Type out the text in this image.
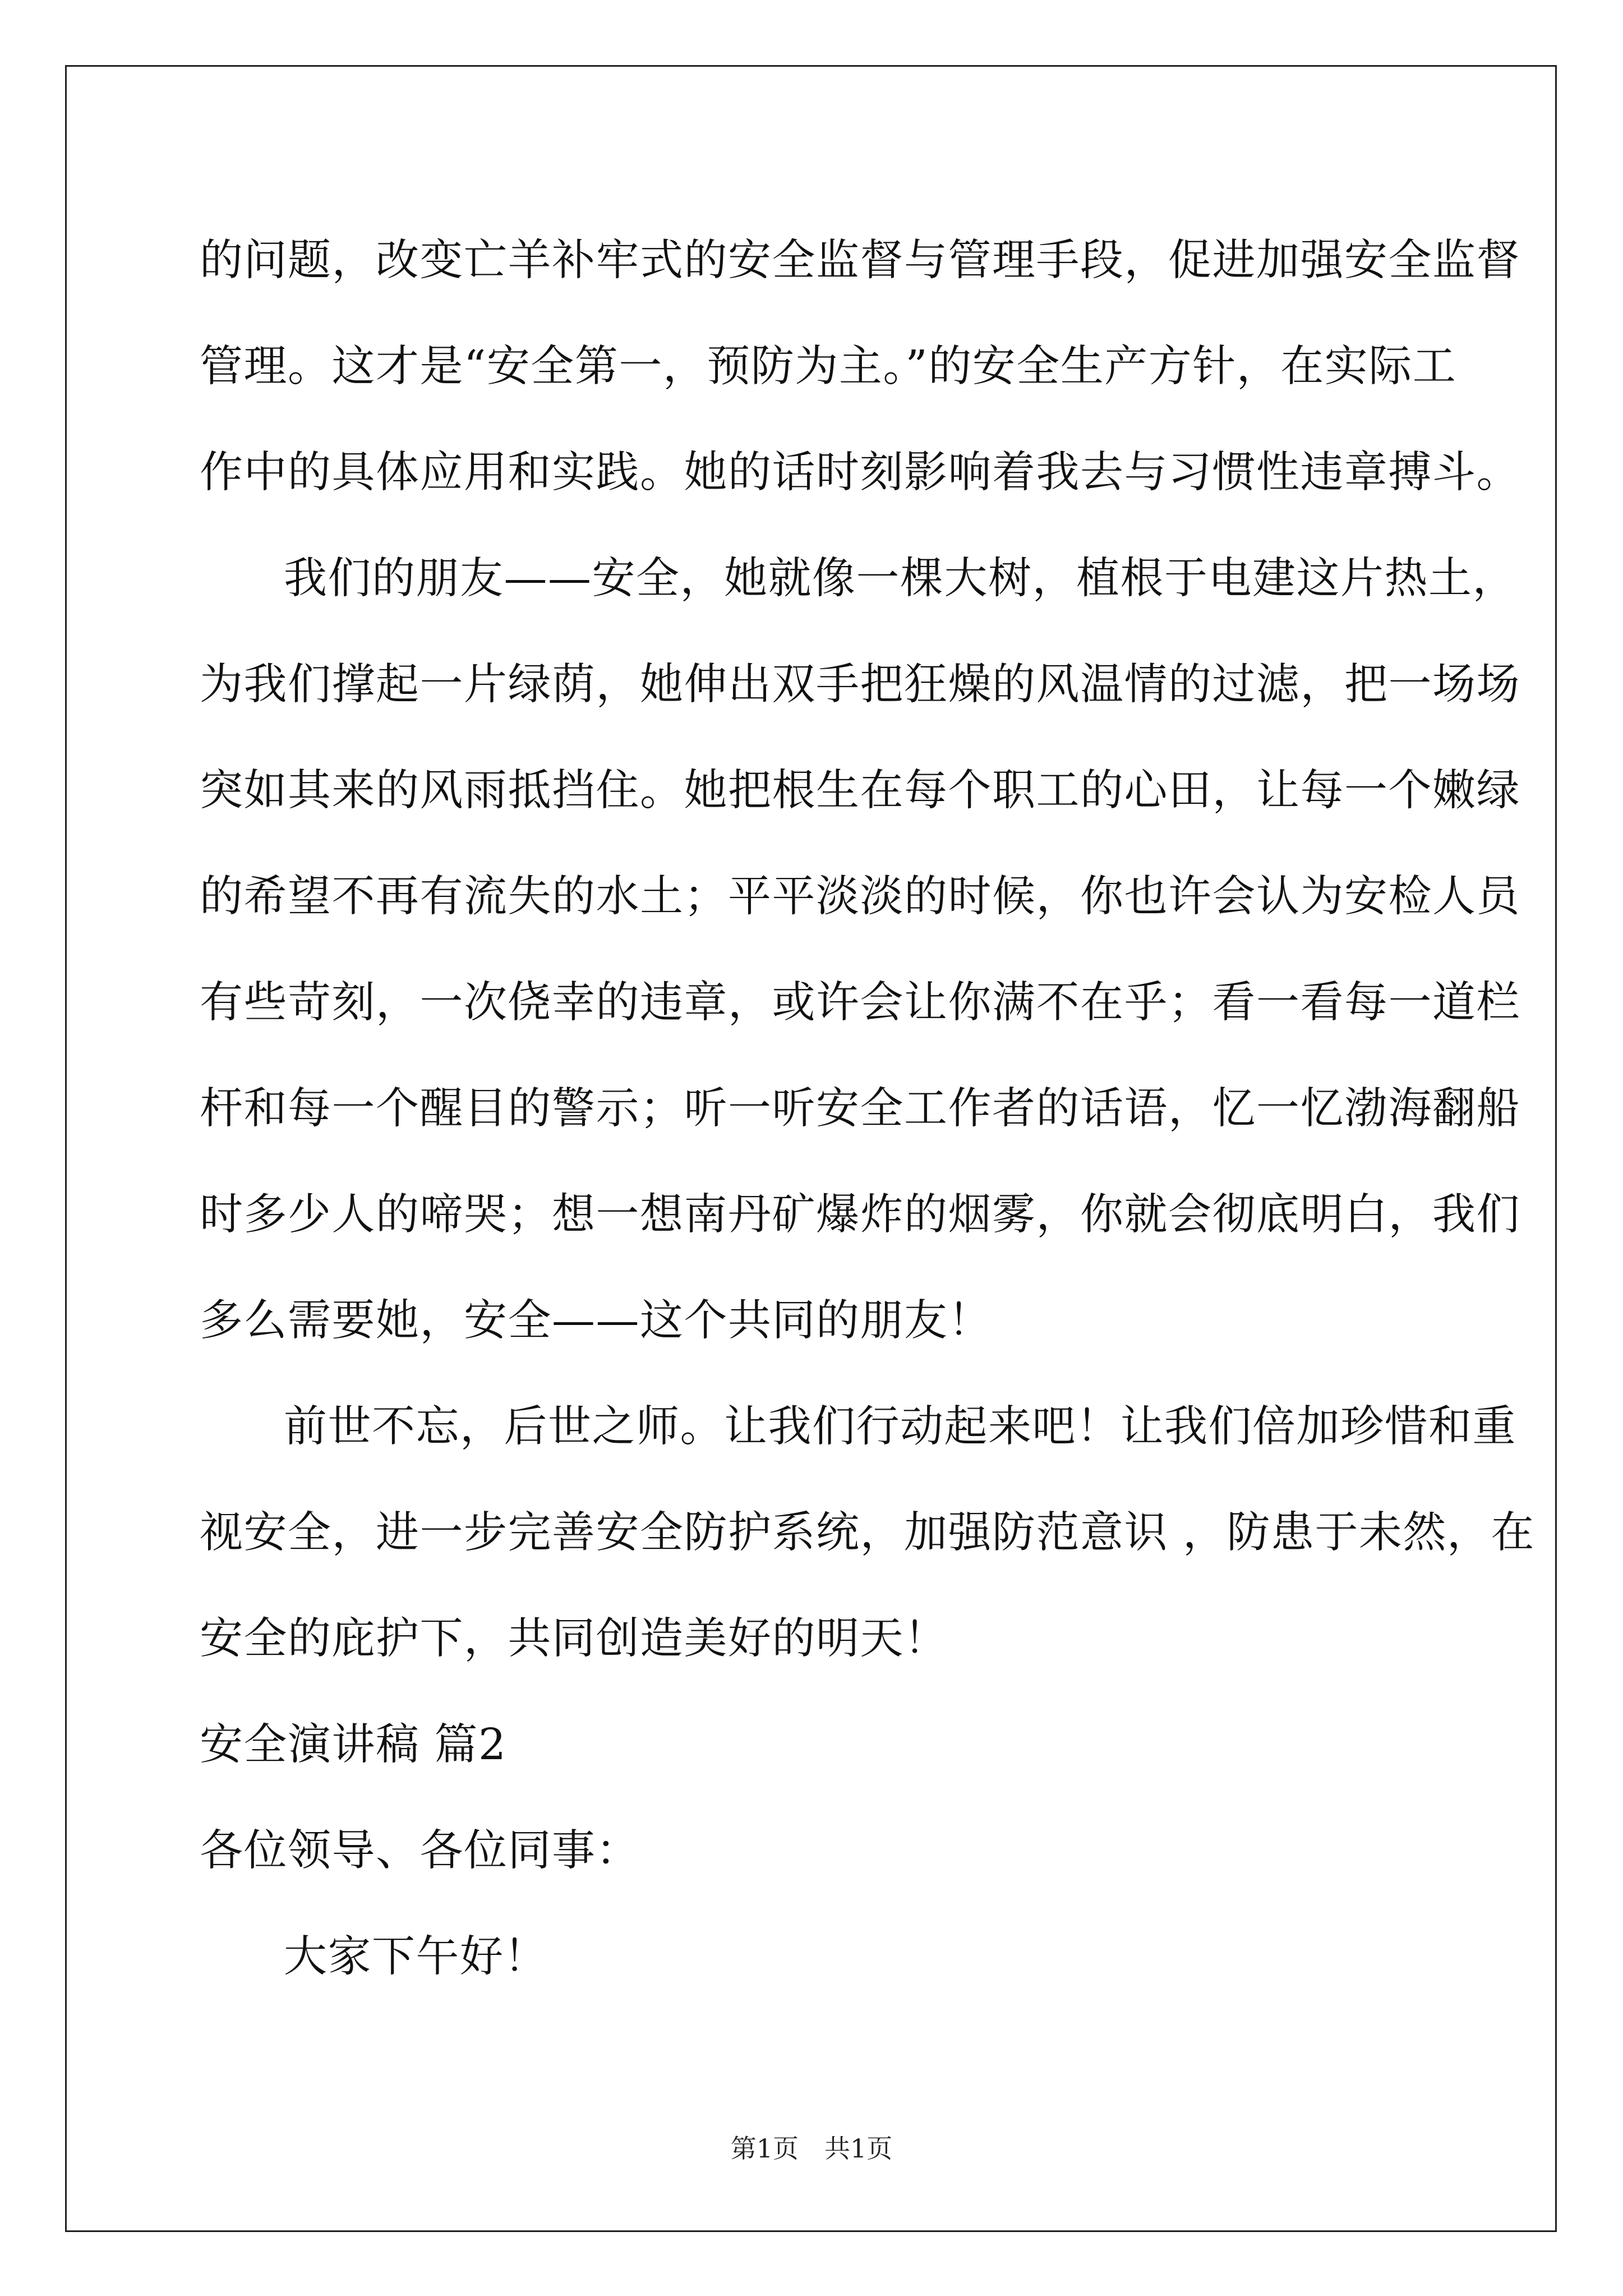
的问题，改变亡羊补牢式的安全监督与管理手段，促进加强安全监督

管理。这才是“安全第一，预防为主。”的安全生产方针，在实际工

作中的具体应用和实践。她的话时刻影响着我去与习惯性违章搏斗。

我们的朋友——安全，她就像一棵大树，植根于电建这片热土，

为我们撑起一片绿荫，她伸出双手把狂燥的风温情的过滤，把一场场

突如其来的风雨抵挡住。她把根生在每个职工的心田，让每一个嫩绿

的希望不再有流失的水土；平平淡淡的时候，你也许会认为安检人员

有些苛刻，一次侥幸的违章，或许会让你满不在乎；看一看每一道栏

杆和每一个醒目的警示；听一听安全工作者的话语，忆一忆渤海翻船

时多少人的啼哭；想一想南丹矿爆炸的烟雾，你就会彻底明白，我们

多么需要她，安全——这个共同的朋友！

前世不忘，后世之师。让我们行动起来吧！让我们倍加珍惜和重

视安全，进一步完善安全防护系统，加强防范意识 ，防患于未然，在

安全的庇护下，共同创造美好的明天！

安全演讲稿 篇2

各位领导、各位同事：

大家下午好！

第1页　共1页
